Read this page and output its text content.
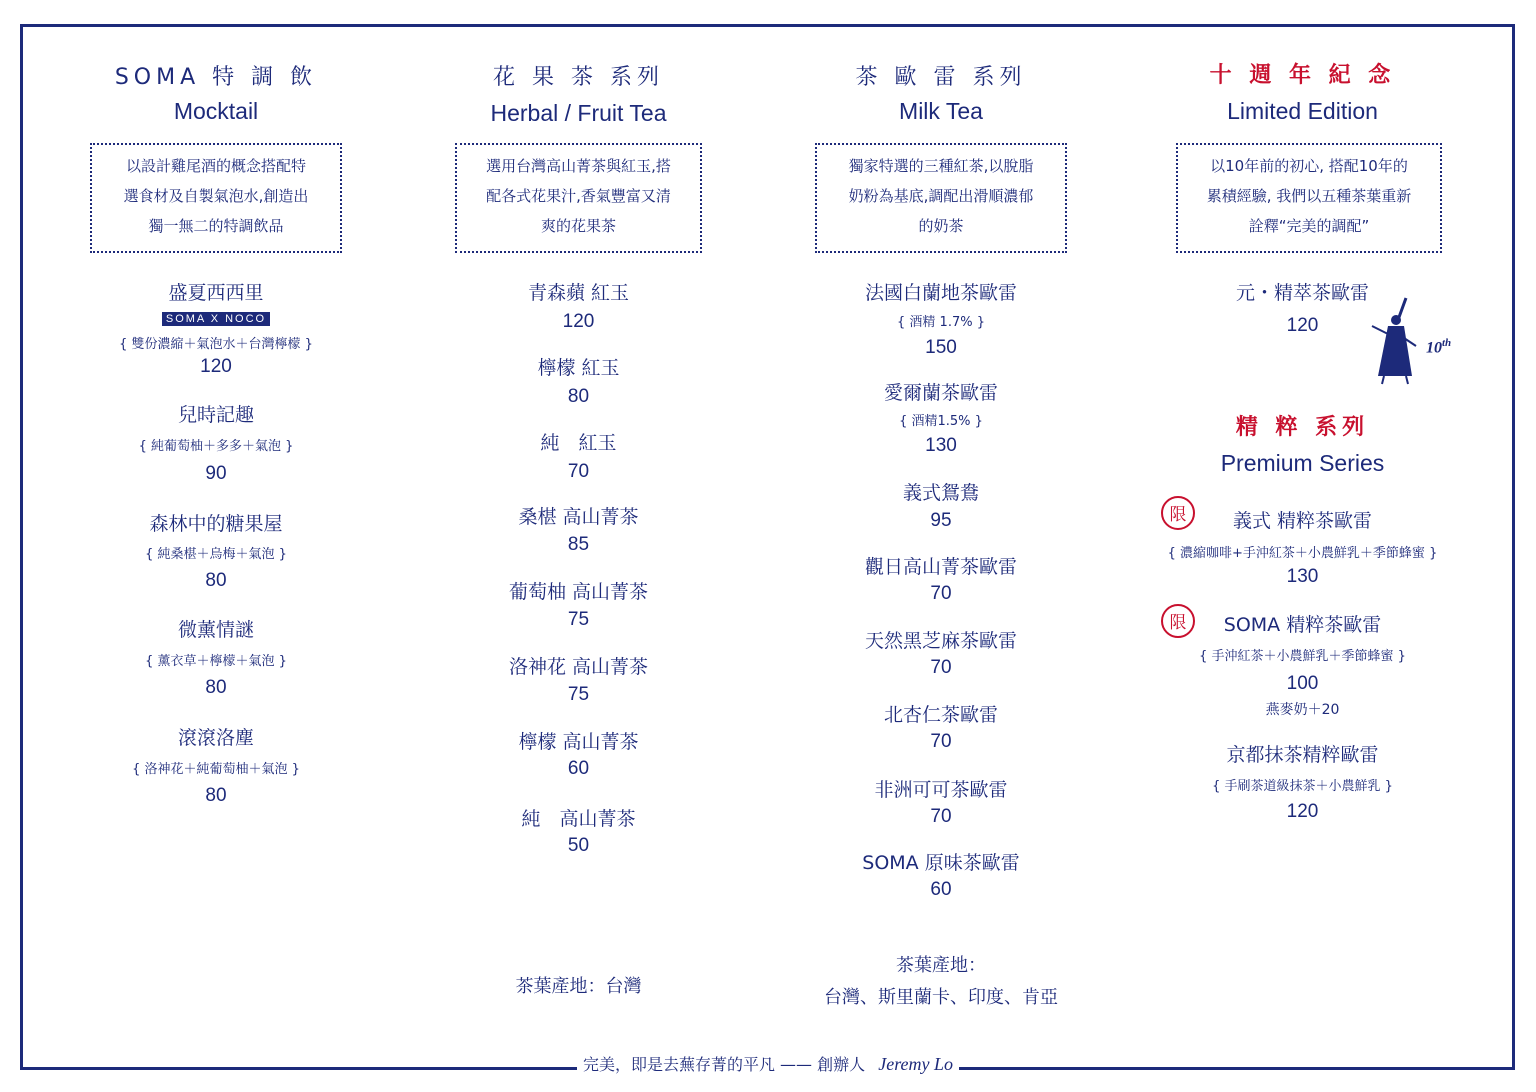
SOMA 特 調 飲
Mocktail
以設計雞尾酒的概念搭配特
選食材及自製氣泡水,創造出
獨一無二的特調飲品
盛夏西西里
SOMA X NOCO
{ 雙份濃縮＋氣泡水＋台灣檸檬 }
120
兒時記趣
{ 純葡萄柚＋多多＋氣泡 }
90
森林中的糖果屋
{ 純桑椹＋烏梅＋氣泡 }
80
微薰情謎
{ 薰衣草＋檸檬＋氣泡 }
80
滾滾洛塵
{ 洛神花＋純葡萄柚＋氣泡 }
80
花 果 茶 系列
Herbal / Fruit Tea
選用台灣高山菁茶與紅玉,搭
配各式花果汁,香氣豐富又清
爽的花果茶
青森蘋 紅玉
120
檸檬 紅玉
80
純　紅玉
70
桑椹 高山菁茶
85
葡萄柚 高山菁茶
75
洛神花 高山菁茶
75
檸檬 高山菁茶
60
純　高山菁茶
50
茶葉產地：台灣
茶 歐 雷 系列
Milk Tea
獨家特選的三種紅茶,以脫脂
奶粉為基底,調配出滑順濃郁
的奶茶
法國白蘭地茶歐雷
{ 酒精 1.7% }
150
愛爾蘭茶歐雷
{ 酒精1.5% }
130
義式鴛鴦
95
觀日高山菁茶歐雷
70
天然黑芝麻茶歐雷
70
北杏仁茶歐雷
70
非洲可可茶歐雷
70
SOMA 原味茶歐雷
60
茶葉產地：
台灣、斯里蘭卡、印度、肯亞
十 週 年 紀 念
Limited Edition
以10年前的初心, 搭配10年的
累積經驗, 我們以五種茶葉重新
詮釋“完美的調配”
元・精萃茶歐雷
120
10th
精 粹 系列
Premium Series
限	義式 精粹茶歐雷
{ 濃縮咖啡+手沖紅茶＋小農鮮乳＋季節蜂蜜 }
130
限	SOMA 精粹茶歐雷
{ 手沖紅茶＋小農鮮乳＋季節蜂蜜 }
100
燕麥奶＋20
京都抹茶精粹歐雷
{ 手刷茶道級抹茶＋小農鮮乳 }
120
完美，即是去蕪存菁的平凡 —— 創辦人 Jeremy Lo
